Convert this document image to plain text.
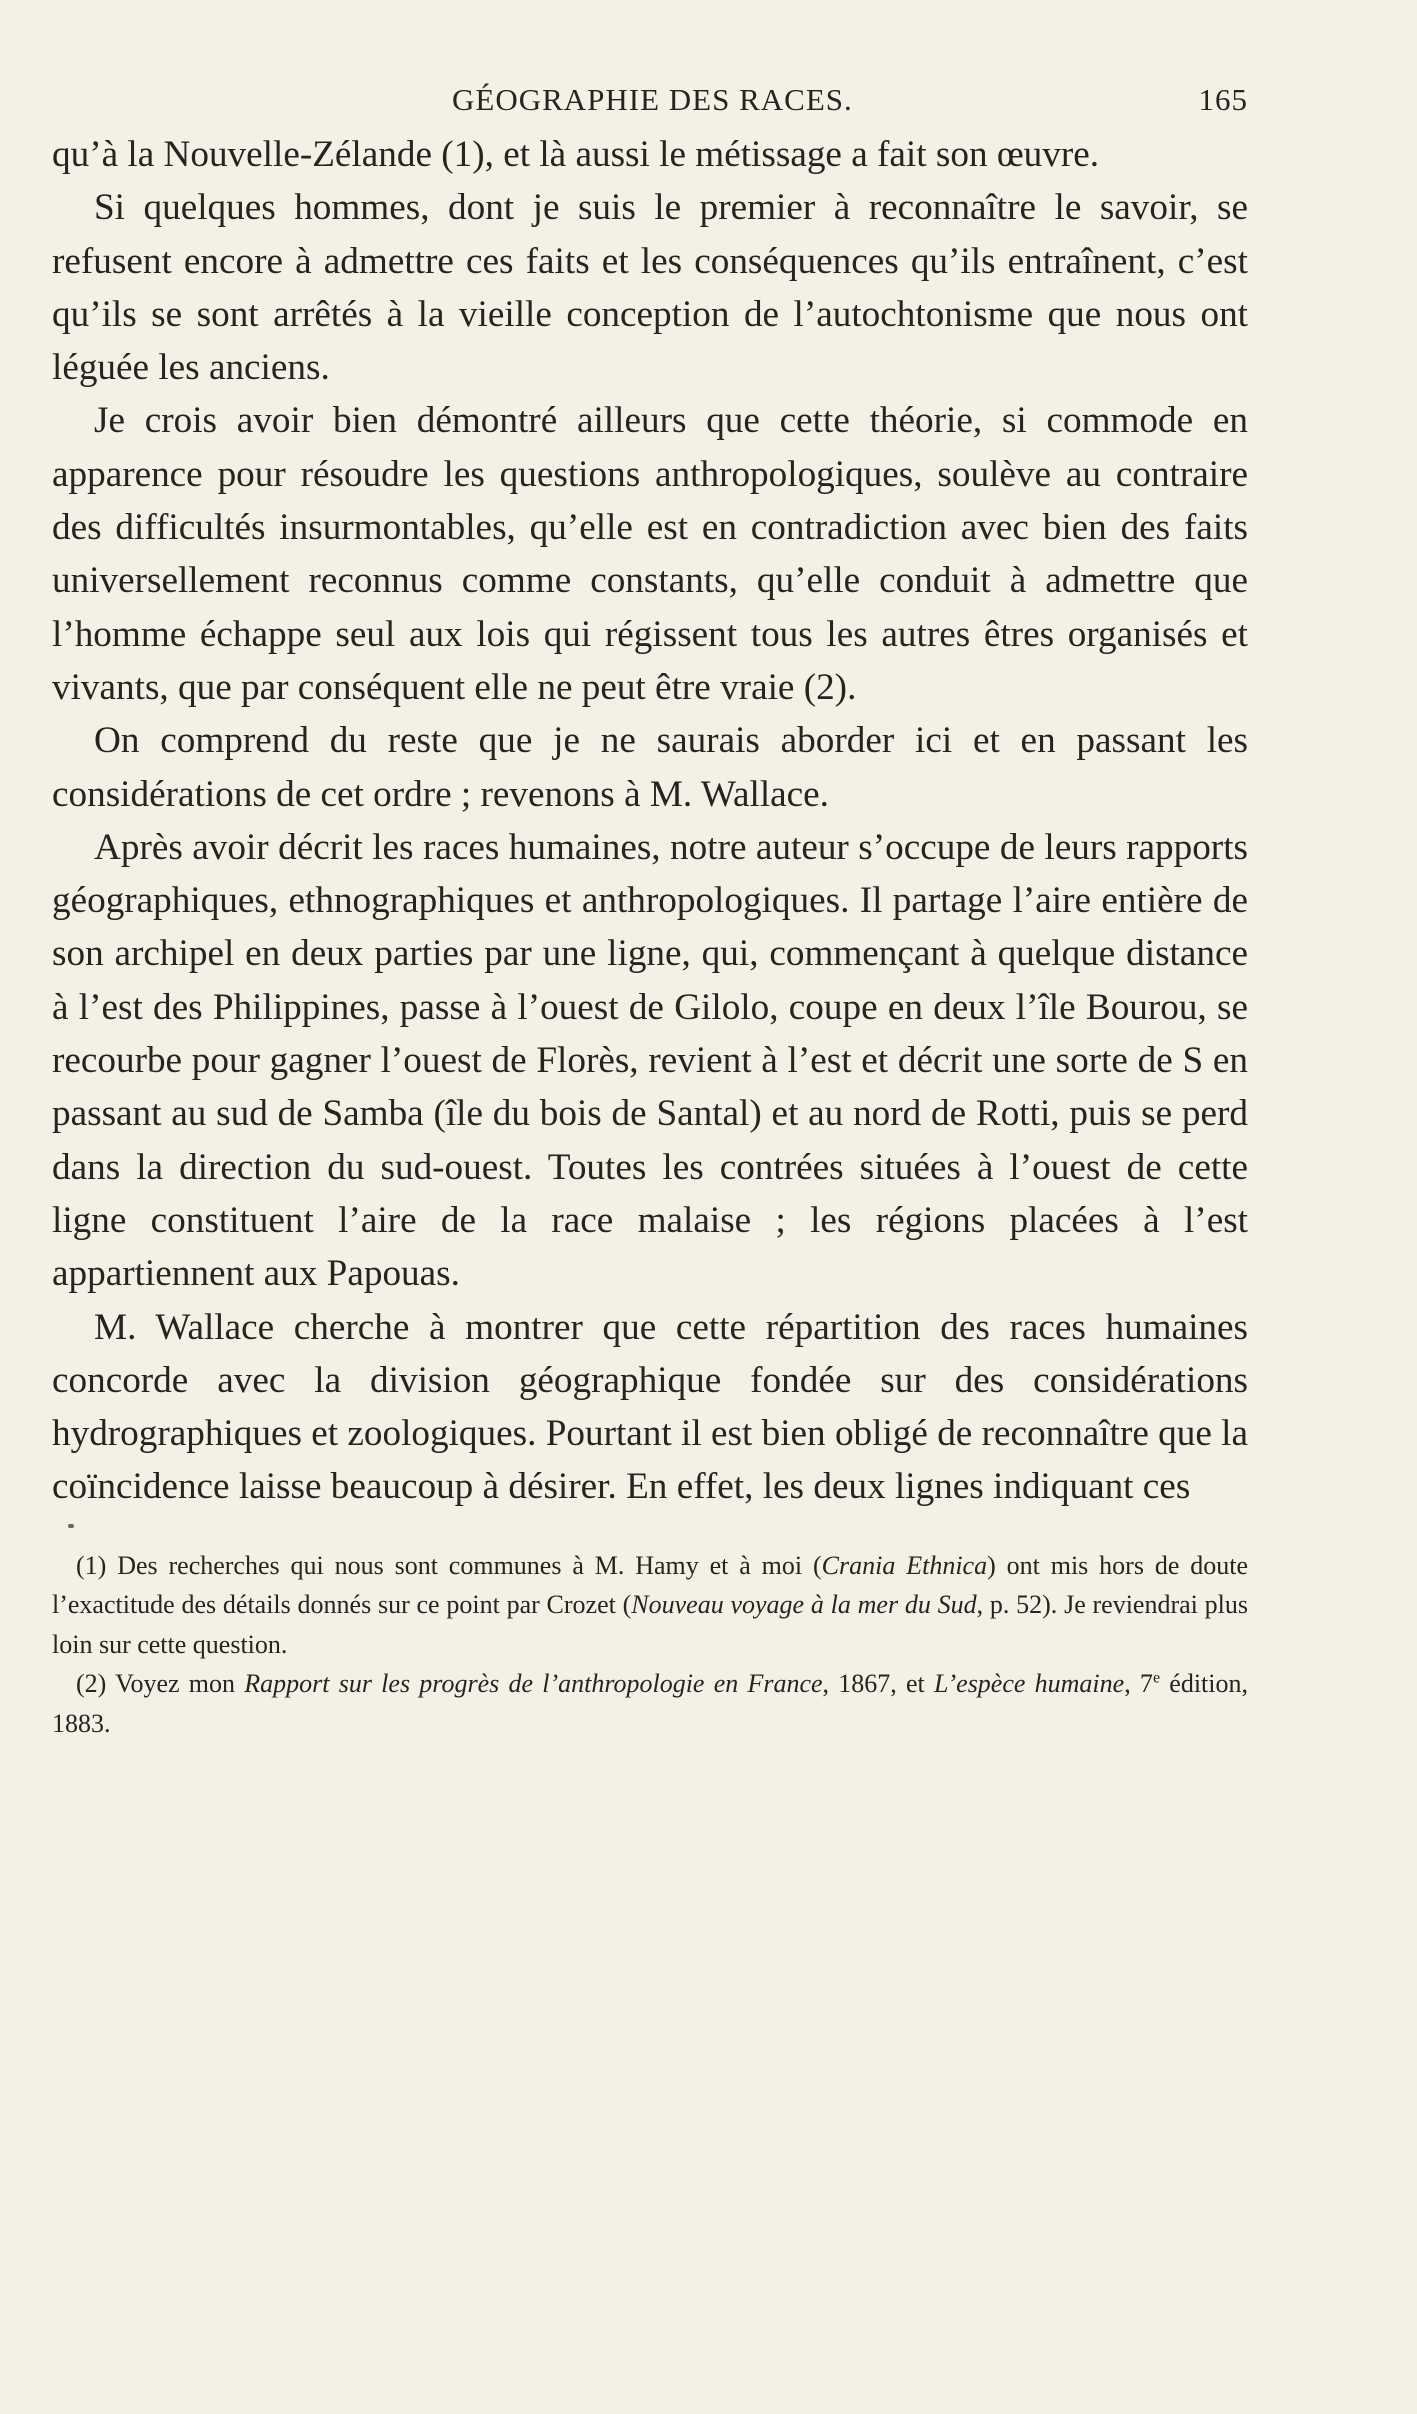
GÉOGRAPHIE DES RACES.	165

qu’à la Nouvelle-Zélande (1), et là aussi le métissage a fait son œuvre.

Si quelques hommes, dont je suis le premier à reconnaître le savoir, se refusent encore à admettre ces faits et les conséquences qu’ils entraînent, c’est qu’ils se sont arrêtés à la vieille conception de l’autochtonisme que nous ont léguée les anciens.

Je crois avoir bien démontré ailleurs que cette théorie, si commode en apparence pour résoudre les questions anthropologiques, soulève au contraire des difficultés insurmontables, qu’elle est en contradiction avec bien des faits universellement reconnus comme constants, qu’elle conduit à admettre que l’homme échappe seul aux lois qui régissent tous les autres êtres organisés et vivants, que par conséquent elle ne peut être vraie (2).

On comprend du reste que je ne saurais aborder ici et en passant les considérations de cet ordre ; revenons à M. Wallace.

Après avoir décrit les races humaines, notre auteur s’occupe de leurs rapports géographiques, ethnographiques et anthropologiques. Il partage l’aire entière de son archipel en deux parties par une ligne, qui, commençant à quelque distance à l’est des Philippines, passe à l’ouest de Gilolo, coupe en deux l’île Bourou, se recourbe pour gagner l’ouest de Florès, revient à l’est et décrit une sorte de S en passant au sud de Samba (île du bois de Santal) et au nord de Rotti, puis se perd dans la direction du sud-ouest. Toutes les contrées situées à l’ouest de cette ligne constituent l’aire de la race malaise ; les régions placées à l’est appartiennent aux Papouas.

M. Wallace cherche à montrer que cette répartition des races humaines concorde avec la division géographique fondée sur des considérations hydrographiques et zoologiques. Pourtant il est bien obligé de reconnaître que la coïncidence laisse beaucoup à désirer. En effet, les deux lignes indiquant ces

(1) Des recherches qui nous sont communes à M. Hamy et à moi (Crania Ethnica) ont mis hors de doute l’exactitude des détails donnés sur ce point par Crozet (Nouveau voyage à la mer du Sud, p. 52). Je reviendrai plus loin sur cette question.

(2) Voyez mon Rapport sur les progrès de l’anthropologie en France, 1867, et L’espèce humaine, 7e édition, 1883.
